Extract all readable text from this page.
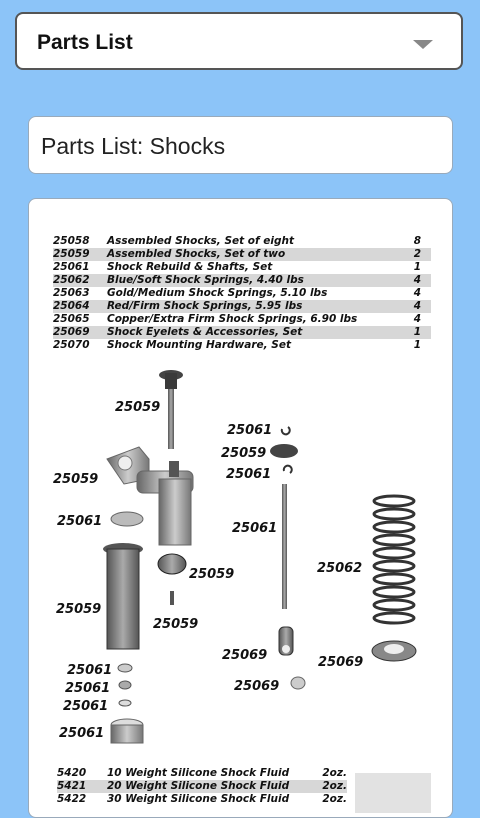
Parts List
Parts List: Shocks
25058 Assembled Shocks, Set of eight	8
25059 Assembled Shocks, Set of two	2
25061 Shock Rebuild & Shafts, Set	1
25062 Blue/Soft Shock Springs, 4.40 lbs	4
25063 Gold/Medium Shock Springs, 5.10 lbs	4
25064 Red/Firm Shock Springs, 5.95 lbs	4
25065 Copper/Extra Firm Shock Springs, 6.90 lbs	4
25069 Shock Eyelets & Accessories, Set	1
25070 Shock Mounting Hardware, Set	1
25059
25059
25061
25059
25059
25059
25061
25059
25061
25061
25062
25069	25069
25061
25061
25061
25061
25069
5420 10 Weight Silicone Shock Fluid	2oz.
5421 20 Weight Silicone Shock Fluid	2oz.
5422 30 Weight Silicone Shock Fluid	2oz.
